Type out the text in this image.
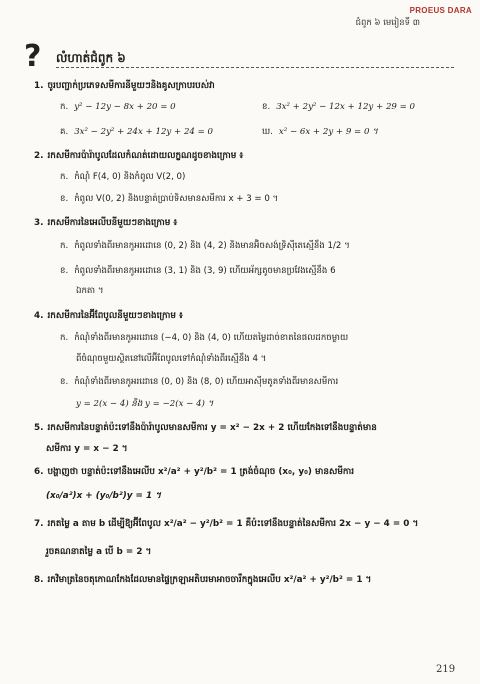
PROEUS DARA
ជំពូក ៦ មេរៀនទី ៣
? លំហាត់ជំពូក ៦
1. ចូរបញ្ជាក់ប្រភេទសមីការនីមួយៗនិងគូសក្រាបរបស់វា
ក. y² − 12y − 8x + 20 = 0	ខ. 3x² + 2y² − 12x + 12y + 29 = 0
គ. 3x² − 2y² + 24x + 12y + 24 = 0	ឃ. x² − 6x + 2y + 9 = 0 ។
2. រកសមីការប៉ារ៉ាបូលដែលកំណត់ដោយលក្ខណដូចខាងក្រោម ៖
ក. កំណុំ F(4, 0) និងកំពូល V(2, 0)
ខ. កំពូល V(0, 2) និងបន្ទាត់ប្រាប់ទិសមានសមីការ x + 3 = 0 ។
3. រកសមីការនៃអេលីបនីមួយៗខាងក្រោម ៖
ក. កំពូលទាំងពីរមានកូអរដោនេ (0, 2) និង (4, 2) និងមានអ៊ិចសង់ទ្រិស៊ីតេស្មើនឹង 1/2 ។
ខ. កំពូលទាំងពីរមានកូអរដោនេ (3, 1) និង (3, 9) ហើយអ័ក្សតូចមានប្រវែងស្មើនឹង 6
ឯកតា ។
4. រកសមីការនៃអ៊ីពែបូលនីមួយៗខាងក្រោម ៖
ក. កំណុំទាំងពីរមានកូអរដោនេ (−4, 0) និង (4, 0) ហើយតម្លៃដាច់ខាតនៃផលដកចម្ងាយ
ពីចំណុចមួយស្ថិតនៅលើអ៊ីពែបូលទៅកំណុំទាំងពីរស្មើនឹង 4 ។
ខ. កំណុំទាំងពីរមានកូអរដោនេ (0, 0) និង (8, 0) ហើយអាស៊ីមតូតទាំងពីរមានសមីការ
y = 2(x − 4) និង y = −2(x − 4) ។
5. រកសមីការនៃបន្ទាត់ប៉ះទៅនឹងប៉ារ៉ាបូលមានសមីការ y = x² − 2x + 2 ហើយកែងទៅនឹងបន្ទាត់មាន
សមីការ y = x − 2 ។
6. បង្ហាញថា បន្ទាត់ប៉ះទៅនឹងអេលីប x²/a² + y²/b² = 1 ត្រង់ចំណុច (x₀, y₀) មានសមីការ
(x₀/a²)x + (y₀/b²)y = 1 ។
7. រកតម្លៃ a តាម b ដើម្បីឱ្យអ៊ីពែបូល x²/a² − y²/b² = 1 គឺប៉ះទៅនឹងបន្ទាត់នៃសមីការ 2x − y − 4 = 0 ។
រួចគណនាតម្លៃ a បើ b = 2 ។
8. រកវិមាត្រនៃចតុកោណកែងដែលមានផ្ទៃក្រឡាអតិបរមាអាចចារឹកក្នុងអេលីប x²/a² + y²/b² = 1 ។
219
